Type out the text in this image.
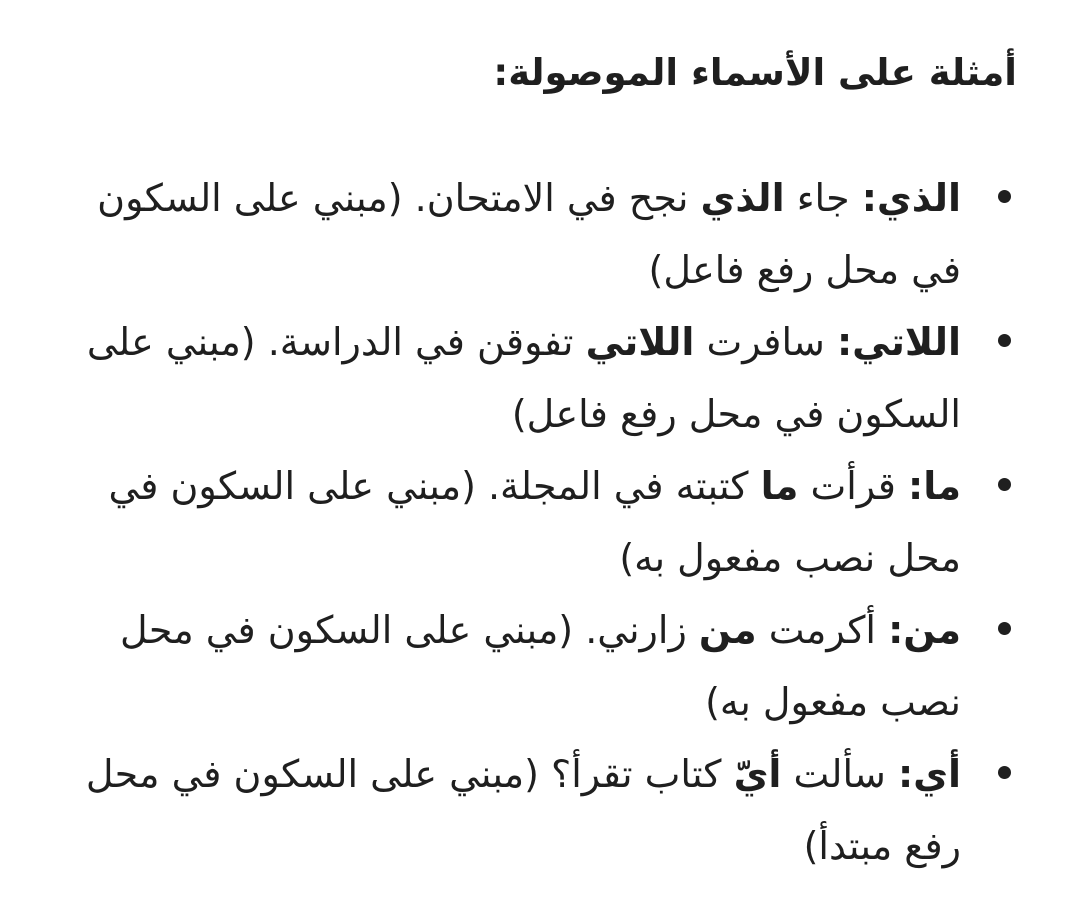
أمثلة على الأسماء الموصولة:
الذي: جاء الذي نجح في الامتحان. (مبني على السكون في محل رفع فاعل)
اللاتي: سافرت اللاتي تفوقن في الدراسة. (مبني على السكون في محل رفع فاعل)
ما: قرأت ما كتبته في المجلة. (مبني على السكون في محل نصب مفعول به)
من: أكرمت من زارني. (مبني على السكون في محل نصب مفعول به)
أي: سألت أيّ كتاب تقرأ؟ (مبني على السكون في محل رفع مبتدأ)
